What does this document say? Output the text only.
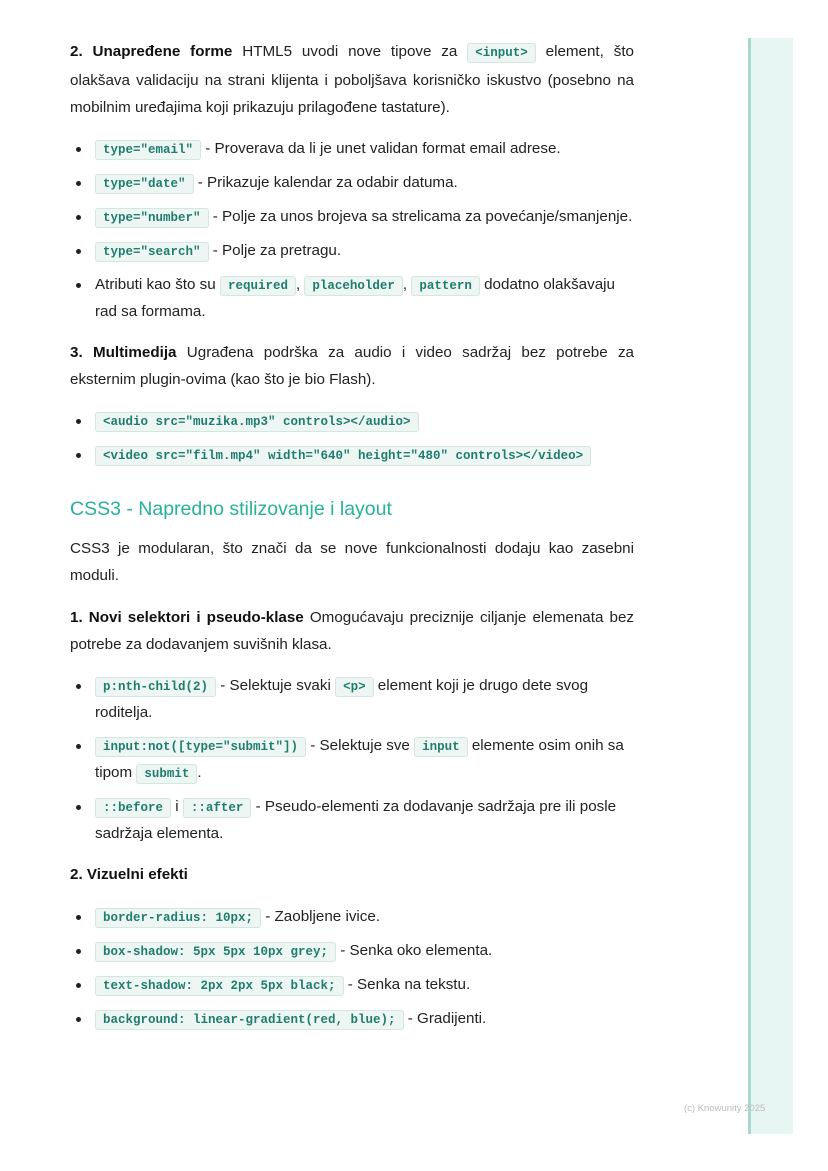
2. Unapređene forme HTML5 uvodi nove tipove za <input> element, što olakšava validaciju na strani klijenta i poboljšava korisničko iskustvo (posebno na mobilnim uređajima koji prikazuju prilagođene tastature).

type="email" - Proverava da li je unet validan format email adrese.
type="date" - Prikazuje kalendar za odabir datuma.
type="number" - Polje za unos brojeva sa strelicama za povećanje/smanjenje.
type="search" - Polje za pretragu.
Atributi kao što su required , placeholder , pattern dodatno olakšavaju rad sa formama.

3. Multimedija Ugrađena podrška za audio i video sadržaj bez potrebe za eksternim plugin-ovima (kao što je bio Flash).

<audio src="muzika.mp3" controls></audio>
<video src="film.mp4" width="640" height="480" controls></video>
CSS3 - Napredno stilizovanje i layout

CSS3 je modularan, što znači da se nove funkcionalnosti dodaju kao zasebni moduli.

1. Novi selektori i pseudo-klase Omogućavaju preciznije ciljanje elemenata bez potrebe za dodavanjem suvišnih klasa.

p:nth-child(2) - Selektuje svaki <p> element koji je drugo dete svog roditelja.
input:not([type="submit"]) - Selektuje sve input elemente osim onih sa tipom submit .
::before i ::after - Pseudo-elementi za dodavanje sadržaja pre ili posle sadržaja elementa.
2. Vizuelni efekti
border-radius: 10px; - Zaobljene ivice.
box-shadow: 5px 5px 10px grey; - Senka oko elementa.
text-shadow: 2px 2px 5px black; - Senka na tekstu.
background: linear-gradient(red, blue); - Gradijenti.
(c) Knowunity 2025
